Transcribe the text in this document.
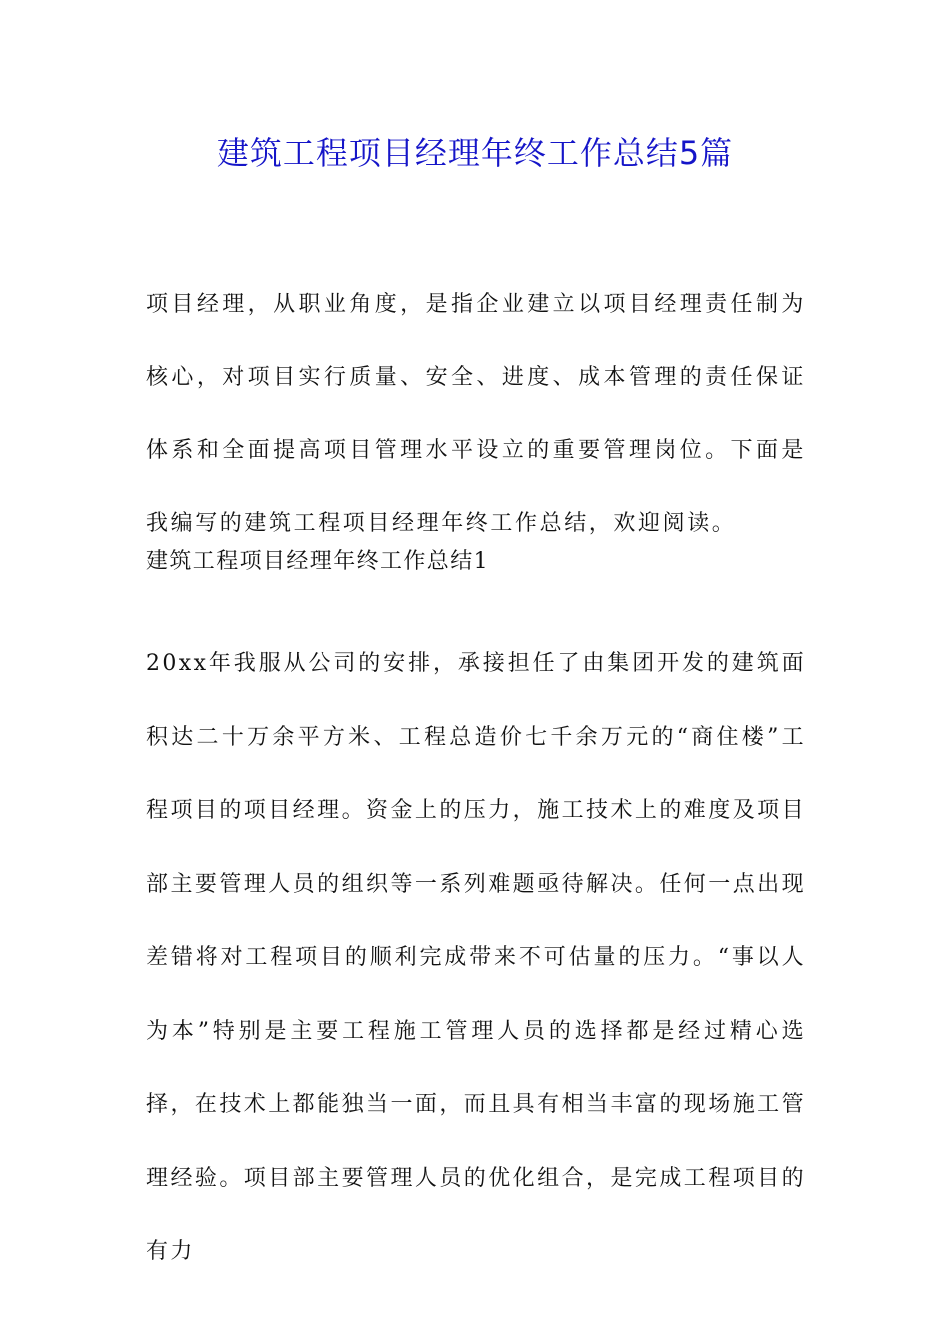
建筑工程项目经理年终工作总结5篇

项目经理，从职业角度，是指企业建立以项目经理责任制为核心，对项目实行质量、安全、进度、成本管理的责任保证体系和全面提高项目管理水平设立的重要管理岗位。下面是我编写的建筑工程项目经理年终工作总结，欢迎阅读。

建筑工程项目经理年终工作总结1

20xx年我服从公司的安排，承接担任了由集团开发的建筑面积达二十万余平方米、工程总造价七千余万元的“商住楼”工程项目的项目经理。资金上的压力，施工技术上的难度及项目部主要管理人员的组织等一系列难题亟待解决。任何一点出现差错将对工程项目的顺利完成带来不可估量的压力。“事以人为本”特别是主要工程施工管理人员的选择都是经过精心选择，在技术上都能独当一面，而且具有相当丰富的现场施工管理经验。项目部主要管理人员的优化组合，是完成工程项目的有力
